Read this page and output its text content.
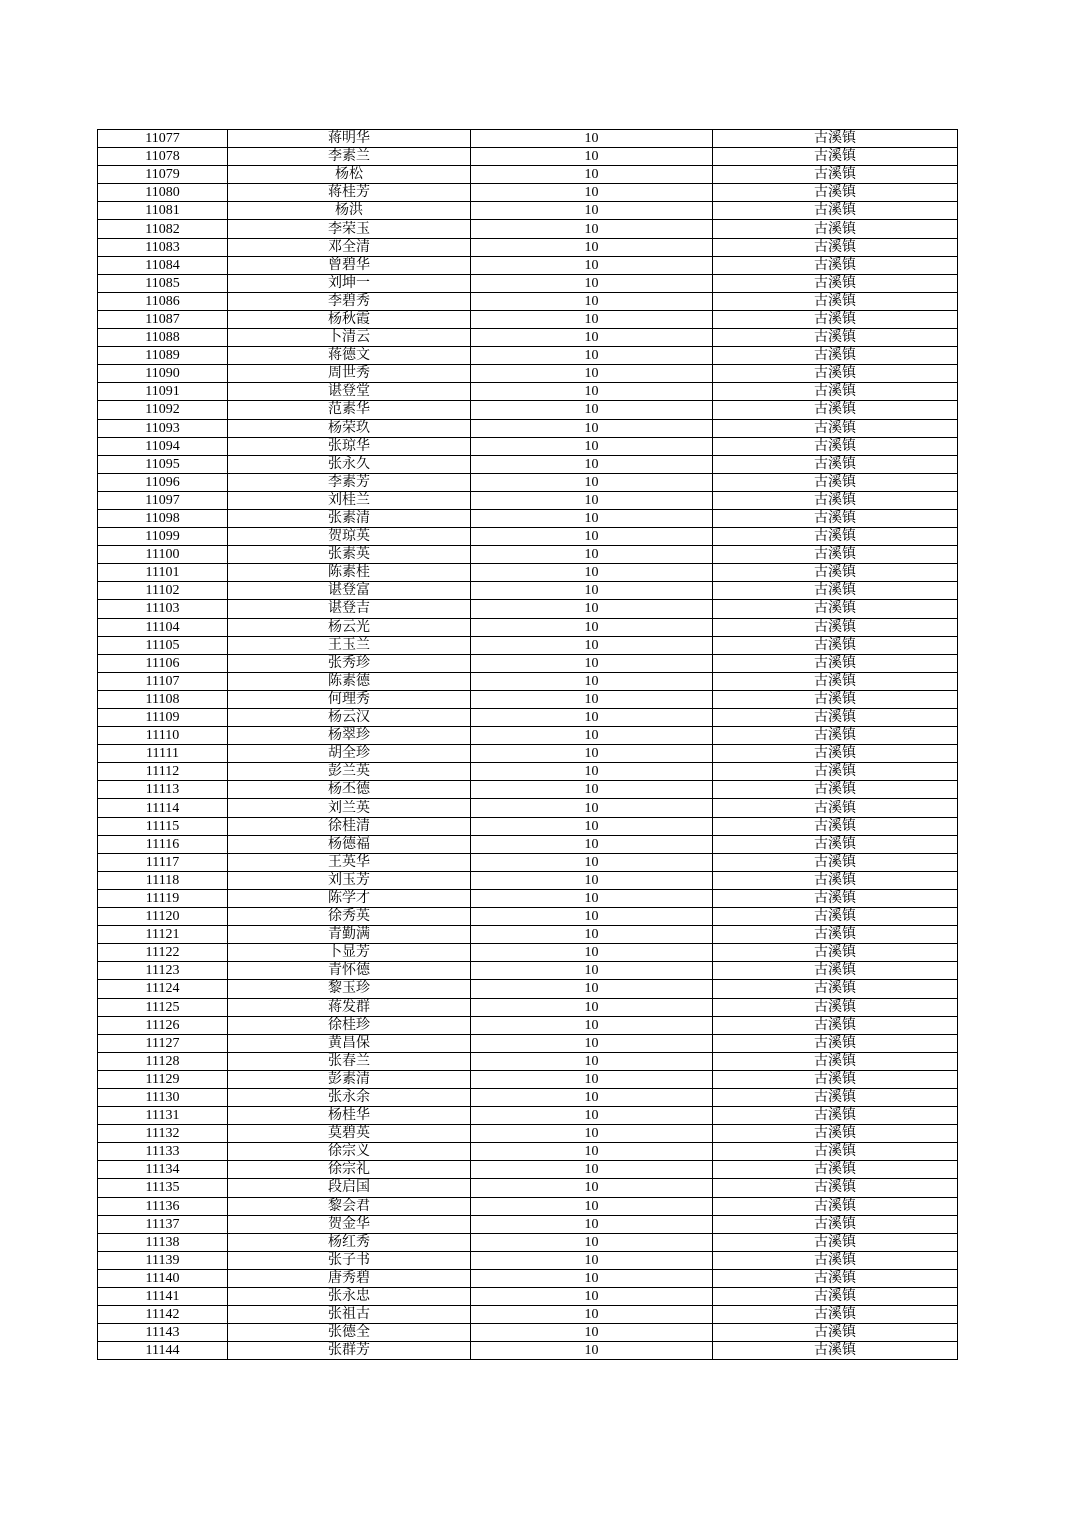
11077	蒋明华	10	古溪镇
11078	李素兰	10	古溪镇
11079	杨松	10	古溪镇
11080	蒋桂芳	10	古溪镇
11081	杨洪	10	古溪镇
11082	李荣玉	10	古溪镇
11083	邓全清	10	古溪镇
11084	曾碧华	10	古溪镇
11085	刘坤一	10	古溪镇
11086	李碧秀	10	古溪镇
11087	杨秋霞	10	古溪镇
11088	卜清云	10	古溪镇
11089	蒋德文	10	古溪镇
11090	周世秀	10	古溪镇
11091	谌登堂	10	古溪镇
11092	范素华	10	古溪镇
11093	杨荣玖	10	古溪镇
11094	张琼华	10	古溪镇
11095	张永久	10	古溪镇
11096	李素芳	10	古溪镇
11097	刘桂兰	10	古溪镇
11098	张素清	10	古溪镇
11099	贺琼英	10	古溪镇
11100	张素英	10	古溪镇
11101	陈素桂	10	古溪镇
11102	谌登富	10	古溪镇
11103	谌登吉	10	古溪镇
11104	杨云光	10	古溪镇
11105	王玉兰	10	古溪镇
11106	张秀珍	10	古溪镇
11107	陈素德	10	古溪镇
11108	何理秀	10	古溪镇
11109	杨云汉	10	古溪镇
11110	杨翠珍	10	古溪镇
11111	胡全珍	10	古溪镇
11112	彭兰英	10	古溪镇
11113	杨丕德	10	古溪镇
11114	刘兰英	10	古溪镇
11115	徐桂清	10	古溪镇
11116	杨德福	10	古溪镇
11117	王英华	10	古溪镇
11118	刘玉芳	10	古溪镇
11119	陈学才	10	古溪镇
11120	徐秀英	10	古溪镇
11121	青勤满	10	古溪镇
11122	卜显芳	10	古溪镇
11123	青怀德	10	古溪镇
11124	黎玉珍	10	古溪镇
11125	蒋发群	10	古溪镇
11126	徐桂珍	10	古溪镇
11127	黄昌保	10	古溪镇
11128	张春兰	10	古溪镇
11129	彭素清	10	古溪镇
11130	张永余	10	古溪镇
11131	杨桂华	10	古溪镇
11132	莫碧英	10	古溪镇
11133	徐宗义	10	古溪镇
11134	徐宗礼	10	古溪镇
11135	段启国	10	古溪镇
11136	黎会君	10	古溪镇
11137	贺金华	10	古溪镇
11138	杨红秀	10	古溪镇
11139	张子书	10	古溪镇
11140	唐秀碧	10	古溪镇
11141	张永忠	10	古溪镇
11142	张祖古	10	古溪镇
11143	张德全	10	古溪镇
11144	张群芳	10	古溪镇
